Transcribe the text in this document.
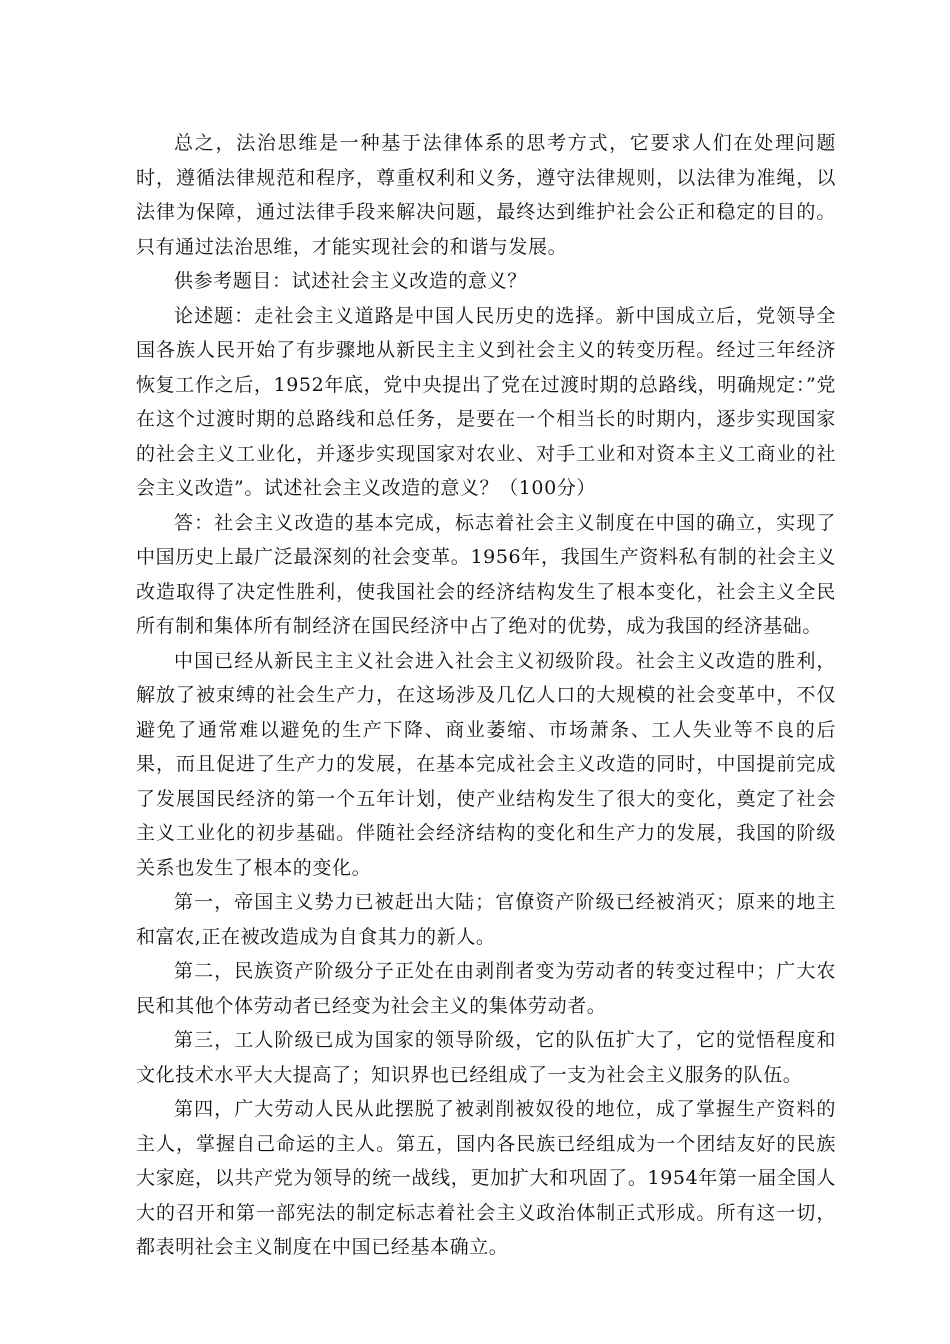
总之，法治思维是一种基于法律体系的思考方式，它要求人们在处理问题时，遵循法律规范和程序，尊重权利和义务，遵守法律规则，以法律为准绳，以法律为保障，通过法律手段来解决问题，最终达到维护社会公正和稳定的目的。只有通过法治思维，才能实现社会的和谐与发展。

供参考题目：试述社会主义改造的意义？

论述题：走社会主义道路是中国人民历史的选择。新中国成立后，党领导全国各族人民开始了有步骤地从新民主主义到社会主义的转变历程。经过三年经济恢复工作之后，1952年底，党中央提出了党在过渡时期的总路线，明确规定：”党在这个过渡时期的总路线和总任务，是要在一个相当长的时期内，逐步实现国家的社会主义工业化，并逐步实现国家对农业、对手工业和对资本主义工商业的社会主义改造”。试述社会主义改造的意义？（100分）

答：社会主义改造的基本完成，标志着社会主义制度在中国的确立，实现了中国历史上最广泛最深刻的社会变革。1956年，我国生产资料私有制的社会主义改造取得了决定性胜利，使我国社会的经济结构发生了根本变化，社会主义全民所有制和集体所有制经济在国民经济中占了绝对的优势，成为我国的经济基础。

中国已经从新民主主义社会进入社会主义初级阶段。社会主义改造的胜利，解放了被束缚的社会生产力，在这场涉及几亿人口的大规模的社会变革中，不仅避免了通常难以避免的生产下降、商业萎缩、市场萧条、工人失业等不良的后果，而且促进了生产力的发展，在基本完成社会主义改造的同时，中国提前完成了发展国民经济的第一个五年计划，使产业结构发生了很大的变化，奠定了社会主义工业化的初步基础。伴随社会经济结构的变化和生产力的发展，我国的阶级关系也发生了根本的变化。

第一，帝国主义势力已被赶出大陆；官僚资产阶级已经被消灭；原来的地主和富农,正在被改造成为自食其力的新人。

第二，民族资产阶级分子正处在由剥削者变为劳动者的转变过程中；广大农民和其他个体劳动者已经变为社会主义的集体劳动者。

第三，工人阶级已成为国家的领导阶级，它的队伍扩大了，它的觉悟程度和文化技术水平大大提高了；知识界也已经组成了一支为社会主义服务的队伍。

第四，广大劳动人民从此摆脱了被剥削被奴役的地位，成了掌握生产资料的主人，掌握自己命运的主人。第五，国内各民族已经组成为一个团结友好的民族大家庭，以共产党为领导的统一战线，更加扩大和巩固了。1954年第一届全国人大的召开和第一部宪法的制定标志着社会主义政治体制正式形成。所有这一切，都表明社会主义制度在中国已经基本确立。
